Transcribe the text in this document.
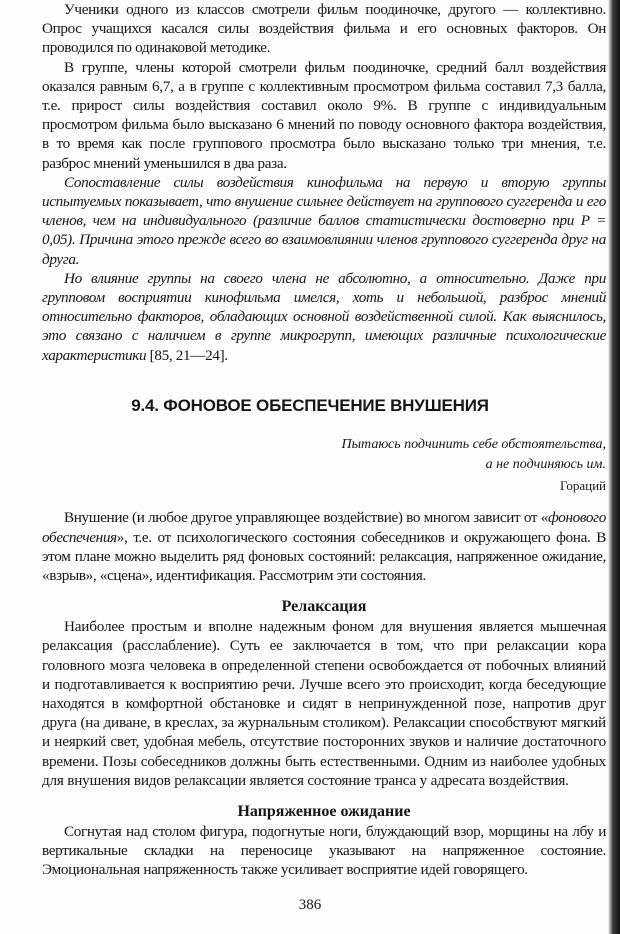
Ученики одного из классов смотрели фильм поодиночке, другого — коллективно. Опрос учащихся касался силы воздействия фильма и его основных факторов. Он проводился по одинаковой методике.

В группе, члены которой смотрели фильм поодиночке, средний балл воздействия оказался равным 6,7, а в группе с коллективным просмотром фильма составил 7,3 балла, т.е. прирост силы воздействия составил около 9%. В группе с индивидуальным просмотром фильма было высказано 6 мнений по поводу основного фактора воздействия, в то время как после группового просмотра было высказано только три мнения, т.е. разброс мнений уменьшился в два раза.

Сопоставление силы воздействия кинофильма на первую и вторую группы испытуемых показывает, что внушение сильнее действует на группового суггеренда и его членов, чем на индивидуального (различие баллов статистически достоверно при P = 0,05). Причина этого прежде всего во взаимовлиянии членов группового суггеренда друг на друга.

Но влияние группы на своего члена не абсолютно, а относительно. Даже при групповом восприятии кинофильма имелся, хоть и небольшой, разброс мнений относительно факторов, обладающих основной воздейственной силой. Как выяснилось, это связано с наличием в группе микрогрупп, имеющих различные психологические характеристики [85, 21—24].

9.4. ФОНОВОЕ ОБЕСПЕЧЕНИЕ ВНУШЕНИЯ
Пытаюсь подчинить себе обстоятельства,
а не подчиняюсь им.
Гораций

Внушение (и любое другое управляющее воздействие) во многом зависит от «фонового обеспечения», т.е. от психологического состояния собеседников и окружающего фона. В этом плане можно выделить ряд фоновых состояний: релаксация, напряженное ожидание, «взрыв», «сцена», идентификация. Рассмотрим эти состояния.

Релаксация

Наиболее простым и вполне надежным фоном для внушения является мышечная релаксация (расслабление). Суть ее заключается в том, что при релаксации кора головного мозга человека в определенной степени освобождается от побочных влияний и подготавливается к восприятию речи. Лучше всего это происходит, когда беседующие находятся в комфортной обстановке и сидят в непринужденной позе, напротив друг друга (на диване, в креслах, за журнальным столиком). Релаксации способствуют мягкий и неяркий свет, удобная мебель, отсутствие посторонних звуков и наличие достаточного времени. Позы собеседников должны быть естественными. Одним из наиболее удобных для внушения видов релаксации является состояние транса у адресата воздействия.

Напряженное ожидание

Согнутая над столом фигура, подогнутые ноги, блуждающий взор, морщины на лбу и вертикальные складки на переносице указывают на напряженное состояние. Эмоциональная напряженность также усиливает восприятие идей говорящего.

386
